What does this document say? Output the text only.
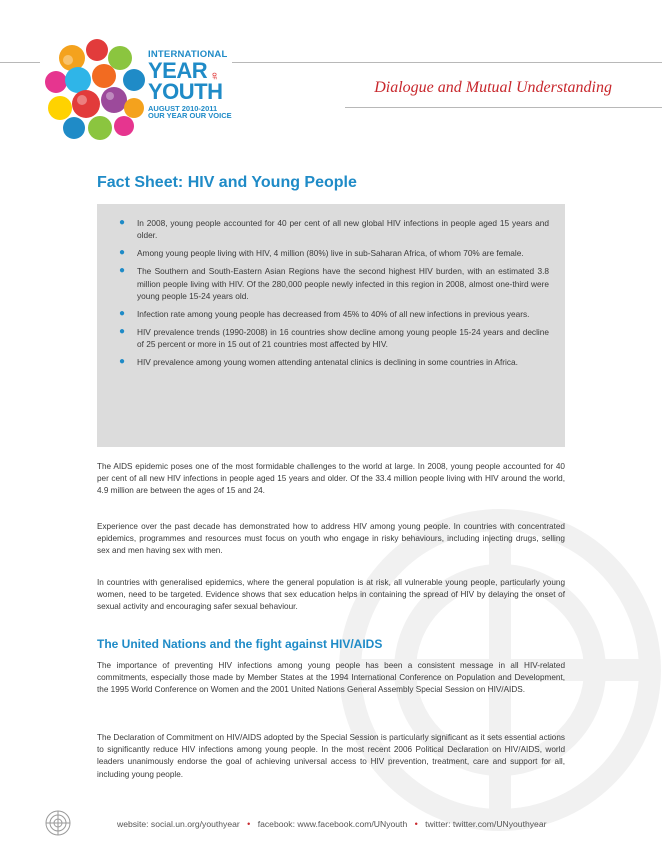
INTERNATIONAL
YEAR
YOUTH
AUGUST 2010-2011
OUR YEAR OUR VOICE
OF
Dialogue and Mutual Understanding
Fact Sheet: HIV and Young People
● In 2008, young people accounted for 40 per cent of all new global HIV infections in people aged 15 years and older.
● Among young people living with HIV, 4 million (80%) live in sub-Saharan Africa, of whom 70% are female.
● The Southern and South-Eastern Asian Regions have the second highest HIV burden, with an estimated 3.8 million people living with HIV. Of the 280,000 people newly infected in this region in 2008, almost one-third were young people 15-24 years old.
● Infection rate among young people has decreased from 45% to 40% of all new infections in previous years.
● HIV prevalence trends (1990-2008) in 16 countries show decline among young people 15-24 years and decline of 25 percent or more in 15 out of 21 countries most affected by HIV.
● HIV prevalence among young women attending antenatal clinics is declining in some countries in Africa.

The AIDS epidemic poses one of the most formidable challenges to the world at large. In 2008, young people accounted for 40 per cent of all new HIV infections in people aged 15 years and older. Of the 33.4 million people living with HIV around the world, 4.9 million are between the ages of 15 and 24.

Experience over the past decade has demonstrated how to address HIV among young people. In countries with concentrated epidemics, programmes and resources must focus on youth who engage in risky behaviours, including injecting drugs, selling sex and men having sex with men.

In countries with generalised epidemics, where the general population is at risk, all vulnerable young people, particularly young women, need to be targeted. Evidence shows that sex education helps in containing the spread of HIV by delaying the onset of sexual activity and encouraging safer sexual behaviour.

The United Nations and the fight against HIV/AIDS

The importance of preventing HIV infections among young people has been a consistent message in all HIV-related commitments, especially those made by Member States at the 1994 International Conference on Population and Development, the 1995 World Conference on Women and the 2001 United Nations General Assembly Special Session on HIV/AIDS.

The Declaration of Commitment on HIV/AIDS adopted by the Special Session is particularly significant as it sets essential actions to significantly reduce HIV infections among young people. In the most recent 2006 Political Declaration on HIV/AIDS, world leaders unanimously endorse the goal of achieving universal access to HIV prevention, treatment, care and support for all, including young people.

website: social.un.org/youthyear • facebook: www.facebook.com/UNyouth • twitter: twitter.com/UNyouthyear
